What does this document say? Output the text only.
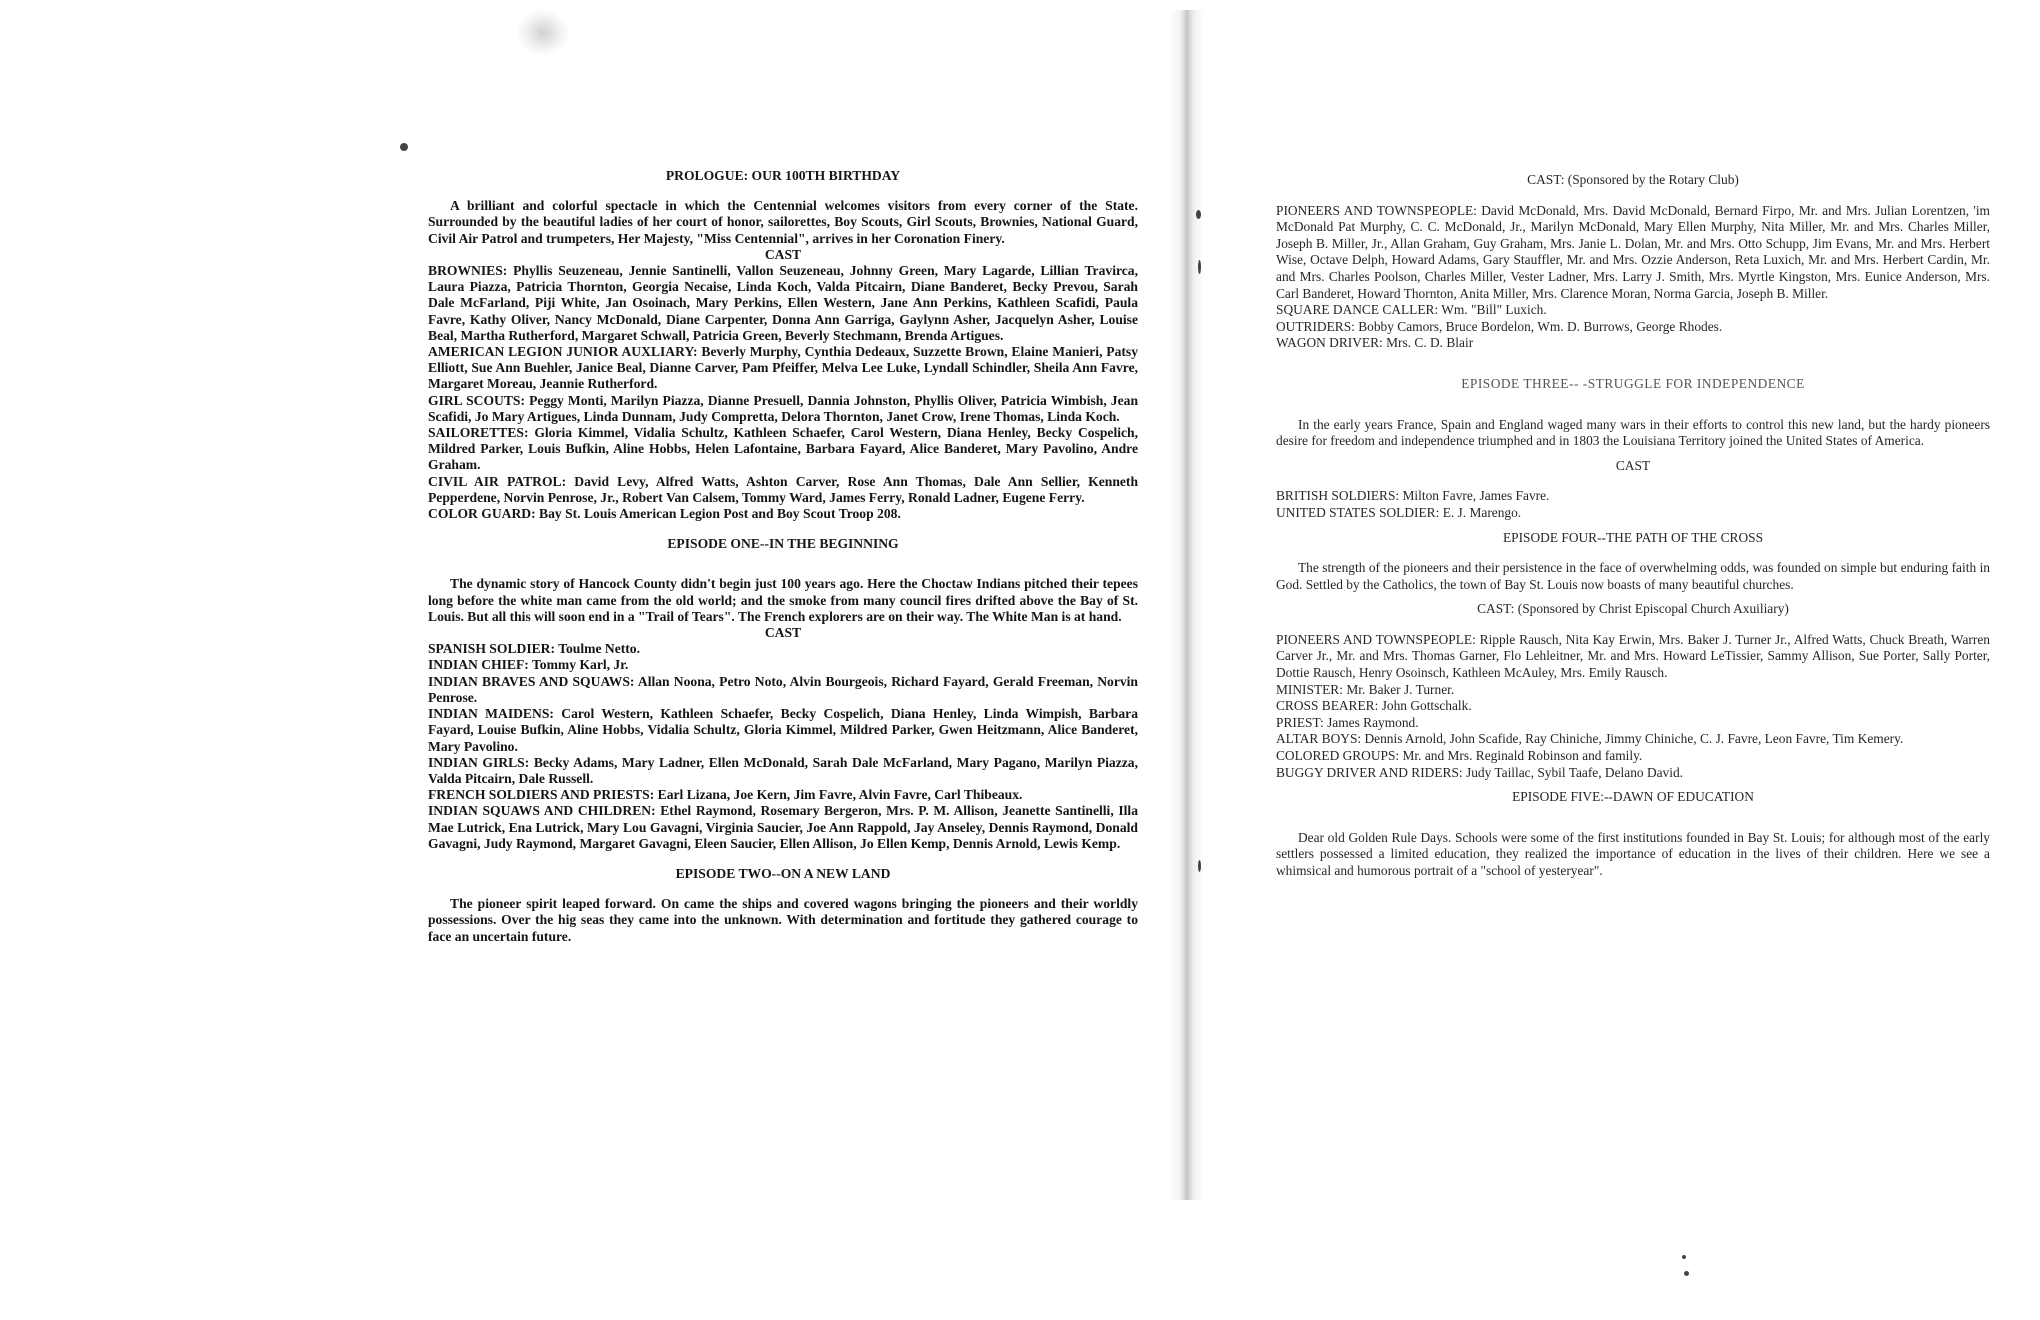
PROLOGUE: OUR 100TH BIRTHDAY

A brilliant and colorful spectacle in which the Centennial welcomes visitors from every corner of the State. Surrounded by the beautiful ladies of her court of honor, sailorettes, Boy Scouts, Girl Scouts, Brownies, National Guard, Civil Air Patrol and trumpeters, Her Majesty, "Miss Centennial", arrives in her Coronation Finery.

CAST

BROWNIES: Phyllis Seuzeneau, Jennie Santinelli, Vallon Seuzeneau, Johnny Green, Mary Lagarde, Lillian Travirca, Laura Piazza, Patricia Thornton, Georgia Necaise, Linda Koch, Valda Pitcairn, Diane Banderet, Becky Prevou, Sarah Dale McFarland, Piji White, Jan Osoinach, Mary Perkins, Ellen Western, Jane Ann Perkins, Kathleen Scafidi, Paula Favre, Kathy Oliver, Nancy McDonald, Diane Carpenter, Donna Ann Garriga, Gaylynn Asher, Jacquelyn Asher, Louise Beal, Martha Rutherford, Margaret Schwall, Patricia Green, Beverly Stechmann, Brenda Artigues.

AMERICAN LEGION JUNIOR AUXLIARY: Beverly Murphy, Cynthia Dedeaux, Suzzette Brown, Elaine Manieri, Patsy Elliott, Sue Ann Buehler, Janice Beal, Dianne Carver, Pam Pfeiffer, Melva Lee Luke, Lyndall Schindler, Sheila Ann Favre, Margaret Moreau, Jeannie Rutherford.

GIRL SCOUTS: Peggy Monti, Marilyn Piazza, Dianne Presuell, Dannia Johnston, Phyllis Oliver, Patricia Wimbish, Jean Scafidi, Jo Mary Artigues, Linda Dunnam, Judy Compretta, Delora Thornton, Janet Crow, Irene Thomas, Linda Koch.

SAILORETTES: Gloria Kimmel, Vidalia Schultz, Kathleen Schaefer, Carol Western, Diana Henley, Becky Cospelich, Mildred Parker, Louis Bufkin, Aline Hobbs, Helen Lafontaine, Barbara Fayard, Alice Banderet, Mary Pavolino, Andre Graham.

CIVIL AIR PATROL: David Levy, Alfred Watts, Ashton Carver, Rose Ann Thomas, Dale Ann Sellier, Kenneth Pepperdene, Norvin Penrose, Jr., Robert Van Calsem, Tommy Ward, James Ferry, Ronald Ladner, Eugene Ferry.

COLOR GUARD: Bay St. Louis American Legion Post and Boy Scout Troop 208.

EPISODE ONE--IN THE BEGINNING

The dynamic story of Hancock County didn't begin just 100 years ago. Here the Choctaw Indians pitched their tepees long before the white man came from the old world; and the smoke from many council fires drifted above the Bay of St. Louis. But all this will soon end in a "Trail of Tears". The French explorers are on their way. The White Man is at hand.

CAST

SPANISH SOLDIER: Toulme Netto.

INDIAN CHIEF: Tommy Karl, Jr.

INDIAN BRAVES AND SQUAWS: Allan Noona, Petro Noto, Alvin Bourgeois, Richard Fayard, Gerald Freeman, Norvin Penrose.

INDIAN MAIDENS: Carol Western, Kathleen Schaefer, Becky Cospelich, Diana Henley, Linda Wimpish, Barbara Fayard, Louise Bufkin, Aline Hobbs, Vidalia Schultz, Gloria Kimmel, Mildred Parker, Gwen Heitzmann, Alice Banderet, Mary Pavolino.

INDIAN GIRLS: Becky Adams, Mary Ladner, Ellen McDonald, Sarah Dale McFarland, Mary Pagano, Marilyn Piazza, Valda Pitcairn, Dale Russell.

FRENCH SOLDIERS AND PRIESTS: Earl Lizana, Joe Kern, Jim Favre, Alvin Favre, Carl Thibeaux.

INDIAN SQUAWS AND CHILDREN: Ethel Raymond, Rosemary Bergeron, Mrs. P. M. Allison, Jeanette Santinelli, Illa Mae Lutrick, Ena Lutrick, Mary Lou Gavagni, Virginia Saucier, Joe Ann Rappold, Jay Anseley, Dennis Raymond, Donald Gavagni, Judy Raymond, Margaret Gavagni, Eleen Saucier, Ellen Allison, Jo Ellen Kemp, Dennis Arnold, Lewis Kemp.

EPISODE TWO--ON A NEW LAND

The pioneer spirit leaped forward. On came the ships and covered wagons bringing the pioneers and their worldly possessions. Over the hig seas they came into the unknown. With determination and fortitude they gathered courage to face an uncertain future.

CAST: (Sponsored by the Rotary Club)

PIONEERS AND TOWNSPEOPLE: David McDonald, Mrs. David McDonald, Bernard Firpo, Mr. and Mrs. Julian Lorentzen, 'im McDonald Pat Murphy, C. C. McDonald, Jr., Marilyn McDonald, Mary Ellen Murphy, Nita Miller, Mr. and Mrs. Charles Miller, Joseph B. Miller, Jr., Allan Graham, Guy Graham, Mrs. Janie L. Dolan, Mr. and Mrs. Otto Schupp, Jim Evans, Mr. and Mrs. Herbert Wise, Octave Delph, Howard Adams, Gary Stauffler, Mr. and Mrs. Ozzie Anderson, Reta Luxich, Mr. and Mrs. Herbert Cardin, Mr. and Mrs. Charles Poolson, Charles Miller, Vester Ladner, Mrs. Larry J. Smith, Mrs. Myrtle Kingston, Mrs. Eunice Anderson, Mrs. Carl Banderet, Howard Thornton, Anita Miller, Mrs. Clarence Moran, Norma Garcia, Joseph B. Miller.

SQUARE DANCE CALLER: Wm. "Bill" Luxich.

OUTRIDERS: Bobby Camors, Bruce Bordelon, Wm. D. Burrows, George Rhodes.

WAGON DRIVER: Mrs. C. D. Blair

EPISODE THREE-- -STRUGGLE FOR INDEPENDENCE

In the early years France, Spain and England waged many wars in their efforts to control this new land, but the hardy pioneers desire for freedom and independence triumphed and in 1803 the Louisiana Territory joined the United States of America.

CAST

BRITISH SOLDIERS: Milton Favre, James Favre.

UNITED STATES SOLDIER: E. J. Marengo.

EPISODE FOUR--THE PATH OF THE CROSS

The strength of the pioneers and their persistence in the face of overwhelming odds, was founded on simple but enduring faith in God. Settled by the Catholics, the town of Bay St. Louis now boasts of many beautiful churches.

CAST: (Sponsored by Christ Episcopal Church Axuiliary)

PIONEERS AND TOWNSPEOPLE: Ripple Rausch, Nita Kay Erwin, Mrs. Baker J. Turner Jr., Alfred Watts, Chuck Breath, Warren Carver Jr., Mr. and Mrs. Thomas Garner, Flo Lehleitner, Mr. and Mrs. Howard LeTissier, Sammy Allison, Sue Porter, Sally Porter, Dottie Rausch, Henry Osoinsch, Kathleen McAuley, Mrs. Emily Rausch.

MINISTER: Mr. Baker J. Turner.

CROSS BEARER: John Gottschalk.

PRIEST: James Raymond.

ALTAR BOYS: Dennis Arnold, John Scafide, Ray Chiniche, Jimmy Chiniche, C. J. Favre, Leon Favre, Tim Kemery.

COLORED GROUPS: Mr. and Mrs. Reginald Robinson and family.

BUGGY DRIVER AND RIDERS: Judy Taillac, Sybil Taafe, Delano David.

EPISODE FIVE:--DAWN OF EDUCATION

Dear old Golden Rule Days. Schools were some of the first institutions founded in Bay St. Louis; for although most of the early settlers possessed a limited education, they realized the importance of education in the lives of their children. Here we see a whimsical and humorous portrait of a "school of yesteryear".
